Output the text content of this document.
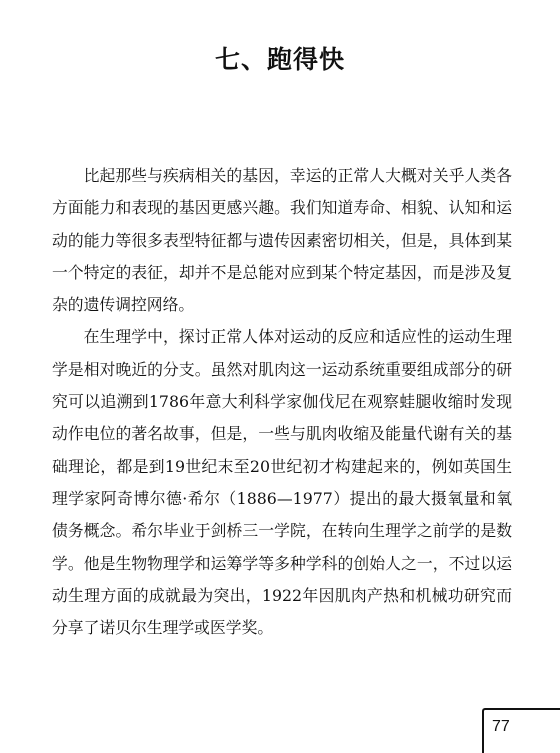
七、跑得快

比起那些与疾病相关的基因，幸运的正常人大概对关乎人类各方面能力和表现的基因更感兴趣。我们知道寿命、相貌、认知和运动的能力等很多表型特征都与遗传因素密切相关，但是，具体到某一个特定的表征，却并不是总能对应到某个特定基因，而是涉及复杂的遗传调控网络。

在生理学中，探讨正常人体对运动的反应和适应性的运动生理学是相对晚近的分支。虽然对肌肉这一运动系统重要组成部分的研究可以追溯到1786年意大利科学家伽伐尼在观察蛙腿收缩时发现动作电位的著名故事，但是，一些与肌肉收缩及能量代谢有关的基础理论，都是到19世纪末至20世纪初才构建起来的，例如英国生理学家阿奇博尔德·希尔（1886—1977）提出的最大摄氧量和氧债务概念。希尔毕业于剑桥三一学院，在转向生理学之前学的是数学。他是生物物理学和运筹学等多种学科的创始人之一，不过以运动生理方面的成就最为突出，1922年因肌肉产热和机械功研究而分享了诺贝尔生理学或医学奖。

77
